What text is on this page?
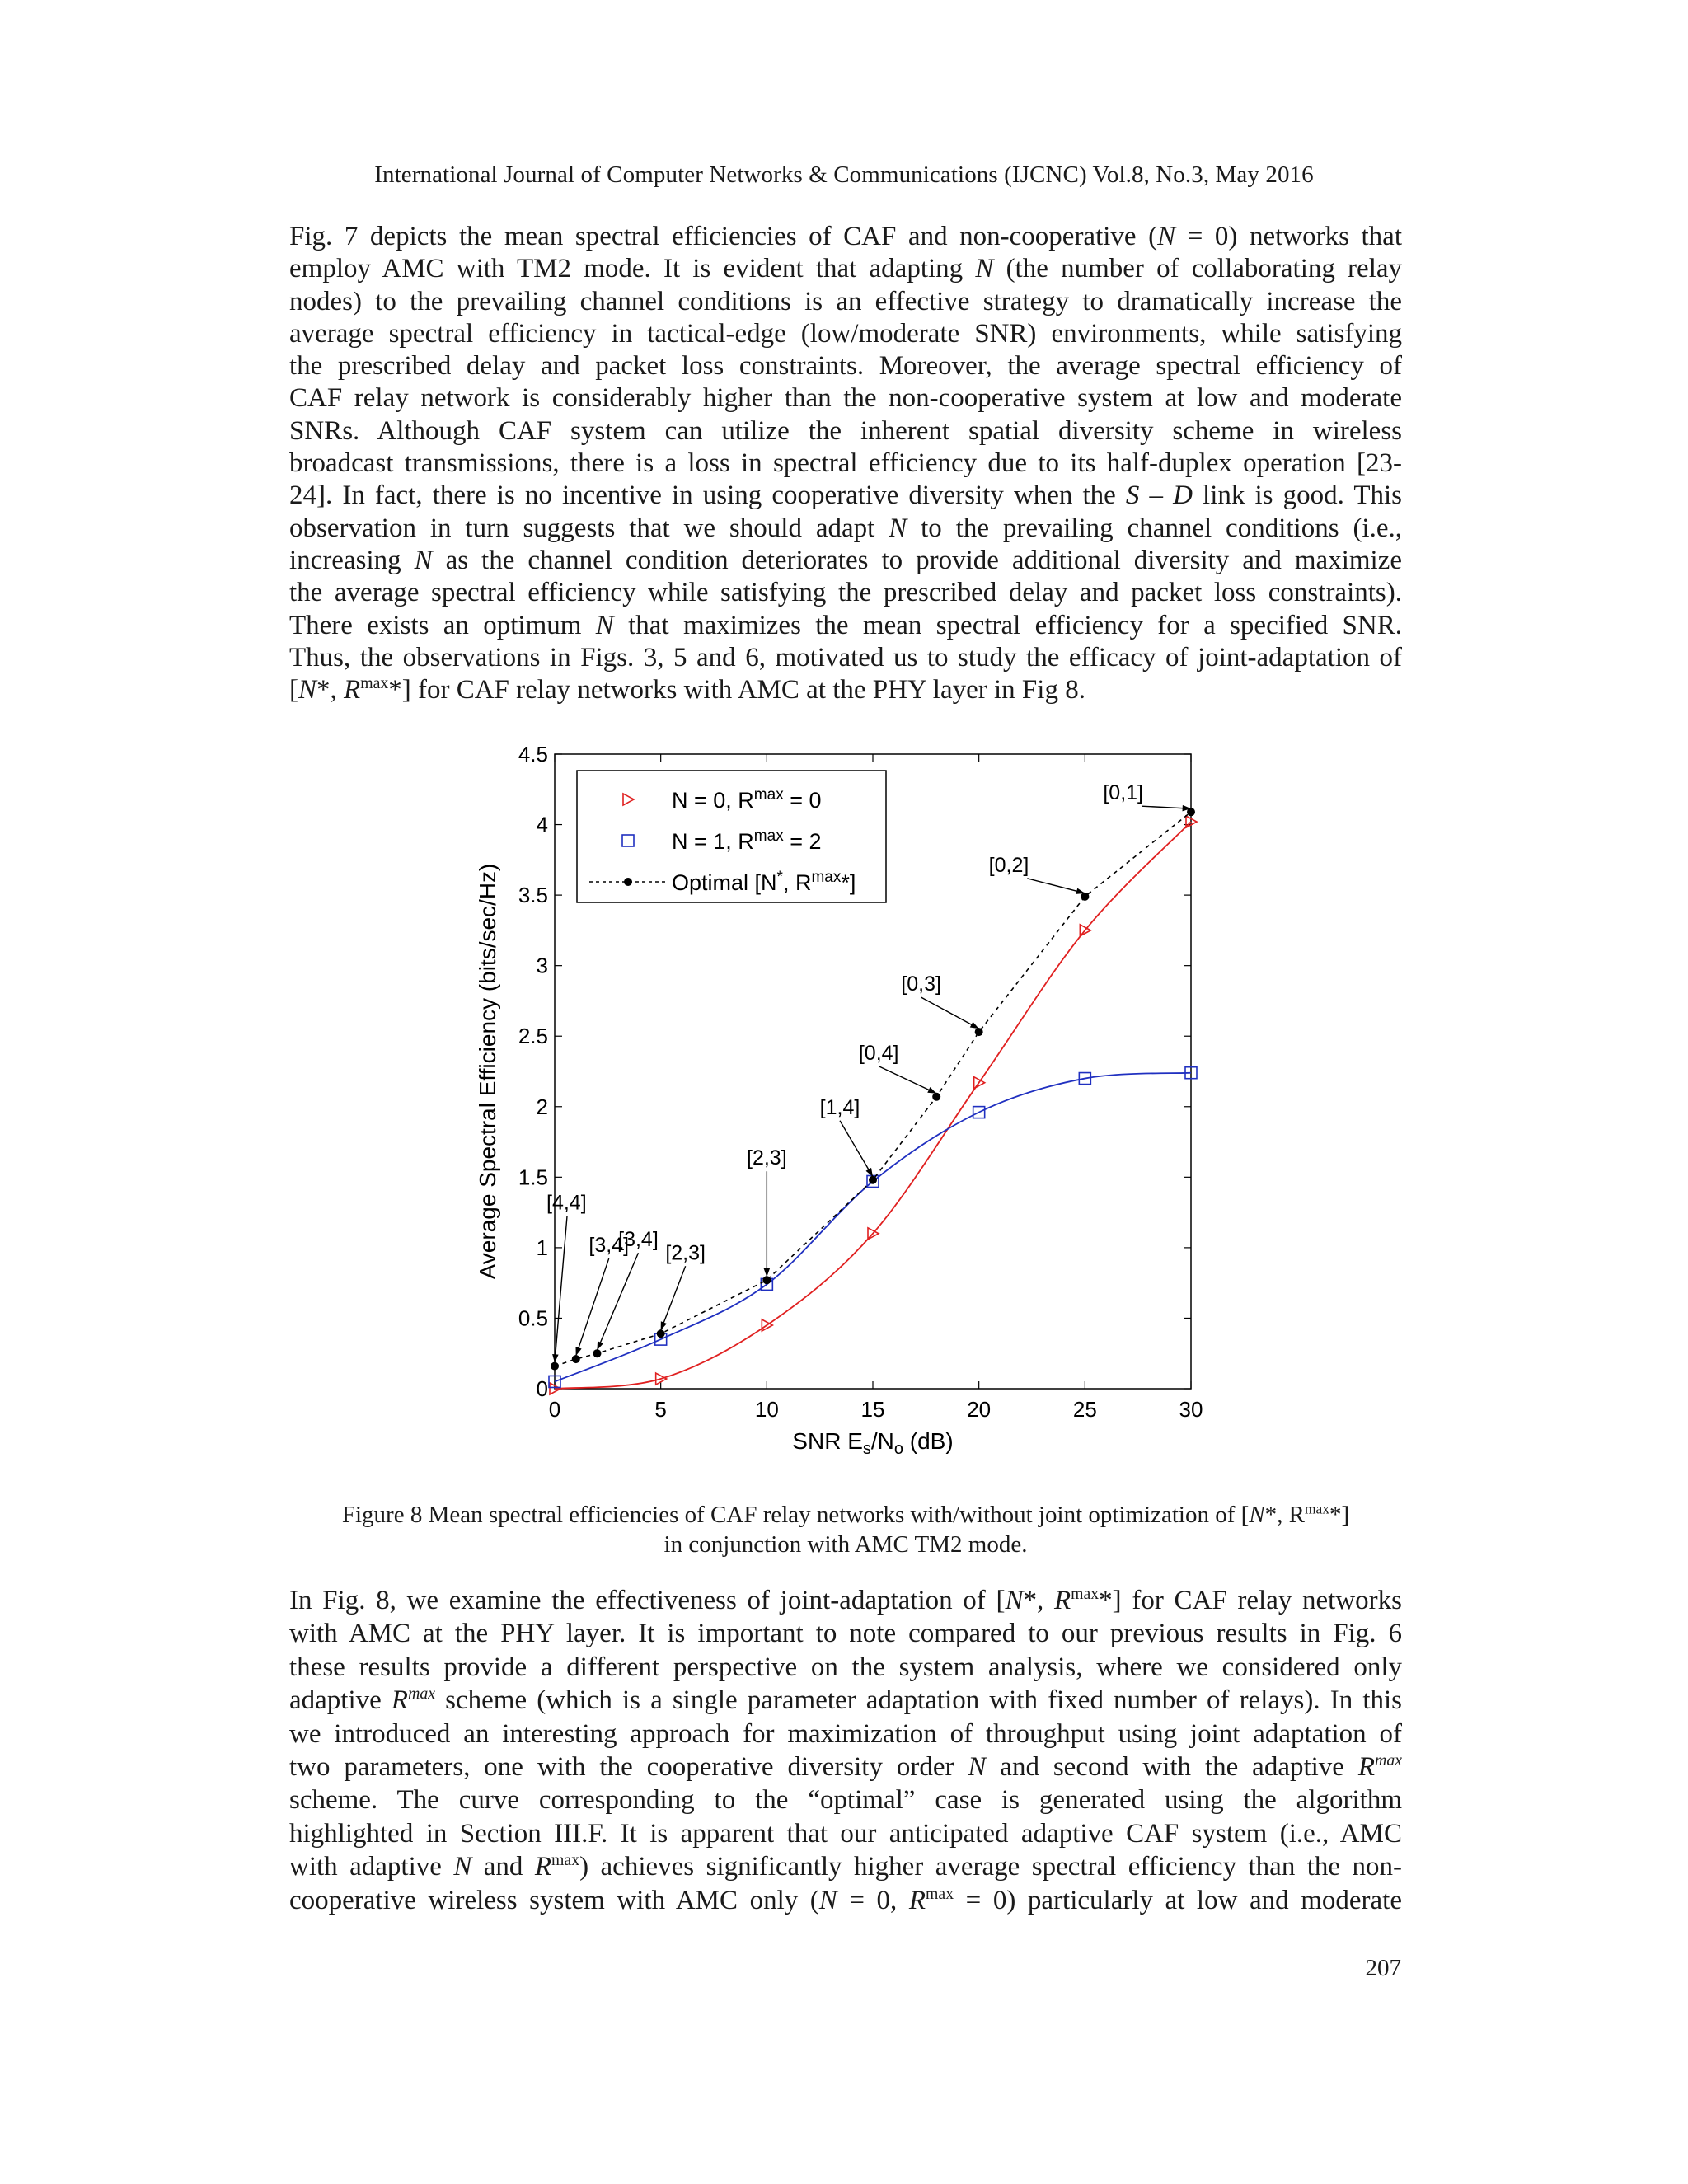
International Journal of Computer Networks & Communications (IJCNC) Vol.8, No.3, May 2016

Fig. 7 depicts the mean spectral efficiencies of CAF and non-cooperative (N = 0) networks that

employ AMC with TM2 mode. It is evident that adapting N (the number of collaborating relay

nodes) to the prevailing channel conditions is an effective strategy to dramatically increase the

average spectral efficiency in tactical-edge (low/moderate SNR) environments, while satisfying

the prescribed delay and packet loss constraints. Moreover, the average spectral efficiency of

CAF relay network is considerably higher than the non-cooperative system at low and moderate

SNRs. Although CAF system can utilize the inherent spatial diversity scheme in wireless

broadcast transmissions, there is a loss in spectral efficiency due to its half-duplex operation [23-

24]. In fact, there is no incentive in using cooperative diversity when the S – D link is good. This

observation in turn suggests that we should adapt N to the prevailing channel conditions (i.e.,

increasing N as the channel condition deteriorates to provide additional diversity and maximize

the average spectral efficiency while satisfying the prescribed delay and packet loss constraints).

There exists an optimum N that maximizes the mean spectral efficiency for a specified SNR.

Thus, the observations in Figs. 3, 5 and 6, motivated us to study the efficacy of joint-adaptation of

[N*, $R^{max}*$] for CAF relay networks with AMC at the PHY layer in Fig 8.

0	5	10	15	20	25	30
0
0.5
1
1.5
2
2.5
3
3.5
4
4.5
SNR Es/No (dB)
Average Spectral Efficiency (bits/sec/Hz) [4,4]
[3,4]
[3,4]
[2,3]
[2,3]
[1,4]
[0,4]
[0,3]
[0,2]
[0,1]
N = 0, $R^{max} = 0$
N = 1, $R^{max} = 2$
Optimal [N*, $R^{max}*$]
Figure 8 Mean spectral efficiencies of CAF relay networks with/without joint optimization of [N*, $R^{max}*$]
in conjunction with AMC TM2 mode.

In Fig. 8, we examine the effectiveness of joint-adaptation of [N*, $R^{max}*$] for CAF relay networks

with AMC at the PHY layer. It is important to note compared to our previous results in Fig. 6

these results provide a different perspective on the system analysis, where we considered only

adaptive $R^{max}$ scheme (which is a single parameter adaptation with fixed number of relays). In this

we introduced an interesting approach for maximization of throughput using joint adaptation of

two parameters, one with the cooperative diversity order N and second with the adaptive $R^{max}$

scheme. The curve corresponding to the “optimal” case is generated using the algorithm

highlighted in Section III.F. It is apparent that our anticipated adaptive CAF system (i.e., AMC

with adaptive N and $R^{max}$) achieves significantly higher average spectral efficiency than the non-

cooperative wireless system with AMC only (N = 0, $R^{max} = 0$) particularly at low and moderate

207
